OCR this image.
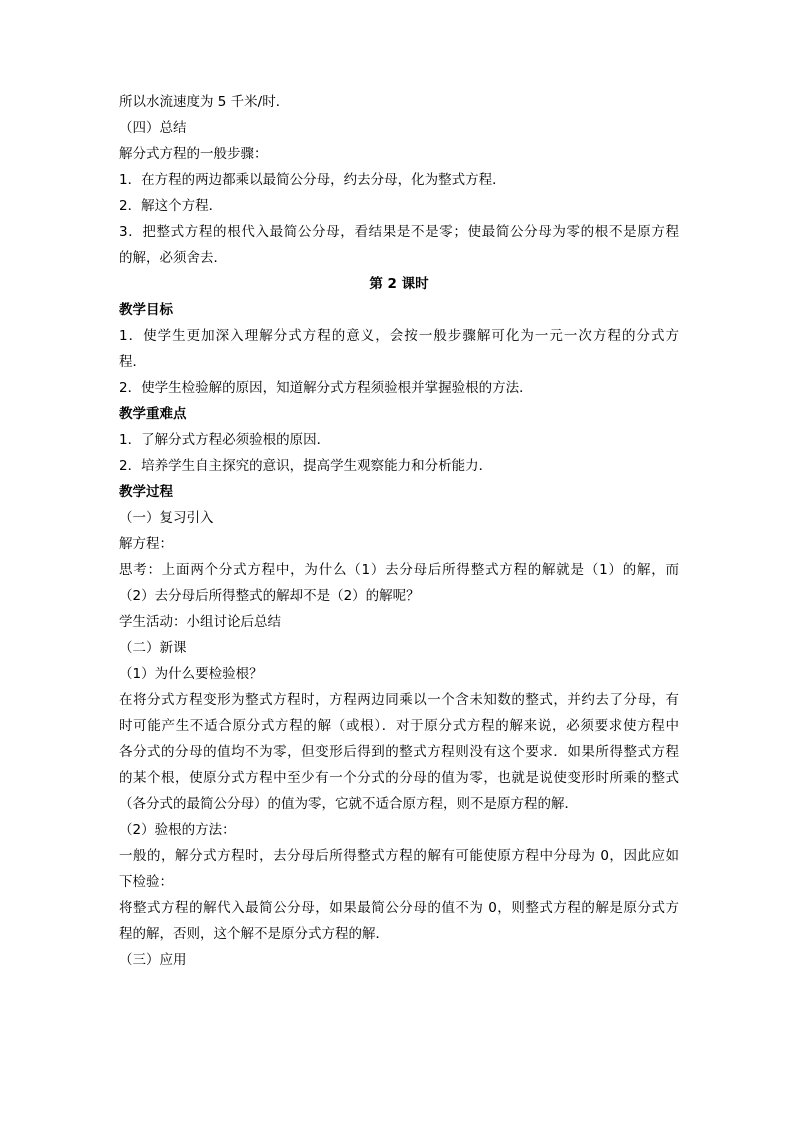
所以水流速度为 5 千米/时．
（四）总结
解分式方程的一般步骤：
1．在方程的两边都乘以最简公分母，约去分母，化为整式方程．
2．解这个方程．
3．把整式方程的根代入最简公分母，看结果是不是零；使最简公分母为零的根不是原方程
的解，必须舍去．
第 2 课时
教学目标
1．使学生更加深入理解分式方程的意义，会按一般步骤解可化为一元一次方程的分式方
程．
2．使学生检验解的原因，知道解分式方程须验根并掌握验根的方法．
教学重难点
1．了解分式方程必须验根的原因．
2．培养学生自主探究的意识，提高学生观察能力和分析能力．
教学过程
（一）复习引入
解方程：
思考：上面两个分式方程中，为什么（1）去分母后所得整式方程的解就是（1）的解，而
（2）去分母后所得整式的解却不是（2）的解呢？
学生活动：小组讨论后总结
（二）新课
（1）为什么要检验根？
在将分式方程变形为整式方程时，方程两边同乘以一个含未知数的整式，并约去了分母，有
时可能产生不适合原分式方程的解（或根）．对于原分式方程的解来说，必须要求使方程中
各分式的分母的值均不为零，但变形后得到的整式方程则没有这个要求．如果所得整式方程
的某个根，使原分式方程中至少有一个分式的分母的值为零，也就是说使变形时所乘的整式
（各分式的最简公分母）的值为零，它就不适合原方程，则不是原方程的解．
（2）验根的方法：
一般的，解分式方程时，去分母后所得整式方程的解有可能使原方程中分母为 0，因此应如
下检验：
将整式方程的解代入最简公分母，如果最简公分母的值不为 0，则整式方程的解是原分式方
程的解，否则，这个解不是原分式方程的解．
（三）应用
